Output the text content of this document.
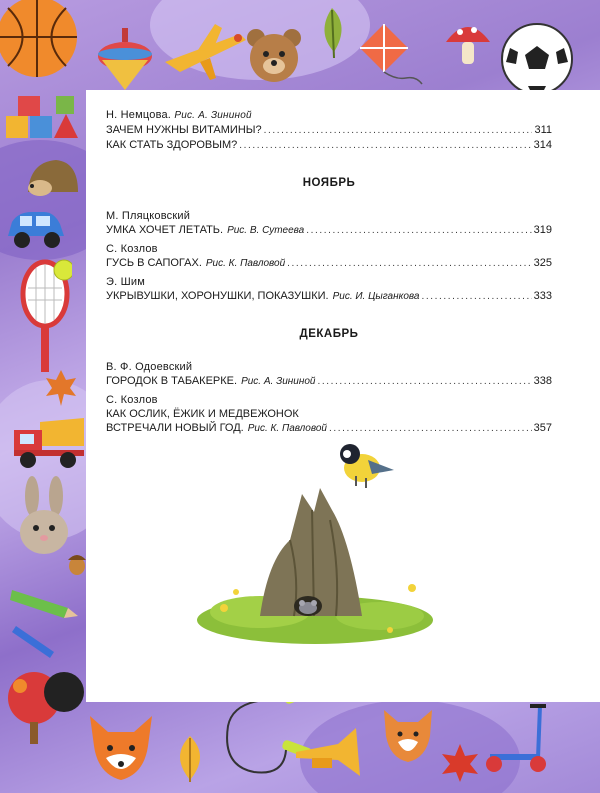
Н. Немцова. Рис. А. Зининой
ЗАЧЕМ НУЖНЫ ВИТАМИНЫ? .....	311
КАК СТАТЬ ЗДОРОВЫМ? .....	314
НОЯБРЬ
М. Пляцковский
УМКА ХОЧЕТ ЛЕТАТЬ. Рис. В. Сутеева .....	319
С. Козлов
ГУСЬ В САПОГАХ. Рис. К. Павловой .....	325
Э. Шим
УКРЫВУШКИ, ХОРОНУШКИ, ПОКАЗУШКИ. Рис. И. Цыганкова .....	333
ДЕКАБРЬ
В. Ф. Одоевский
ГОРОДОК В ТАБАКЕРКЕ. Рис. А. Зининой .....	338
С. Козлов
КАК ОСЛИК, ЁЖИК И МЕДВЕЖОНОК
ВСТРЕЧАЛИ НОВЫЙ ГОД. Рис. К. Павловой .....	357
